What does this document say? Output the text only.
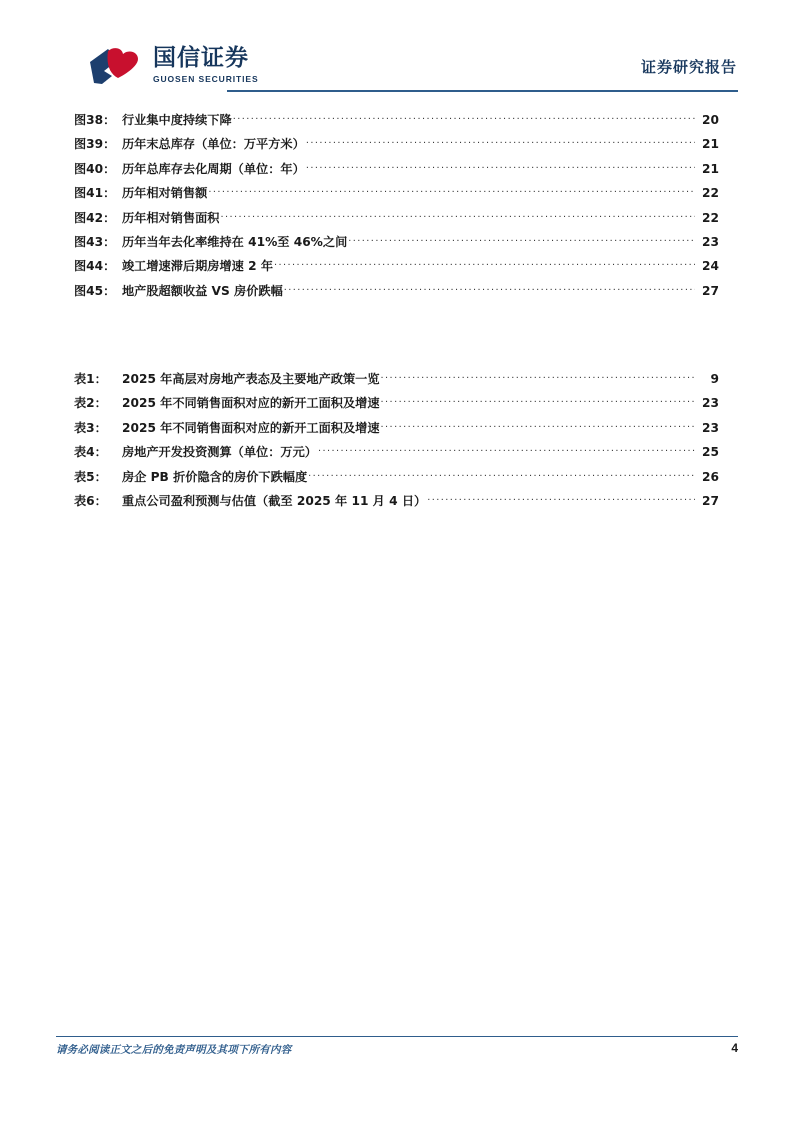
国信证券
GUOSEN SECURITIES
证券研究报告
图38： 行业集中度持续下降 .....	20
图39： 历年末总库存（单位：万平方米） .....	21
图40： 历年总库存去化周期（单位：年） .....	21
图41： 历年相对销售额 .....	22
图42： 历年相对销售面积 .....	22
图43： 历年当年去化率维持在 41%至 46%之间 .....	23
图44： 竣工增速滞后期房增速 2 年 .....	24
图45： 地产股超额收益 VS 房价跌幅 .....	27
表1：	2025 年高层对房地产表态及主要地产政策一览 .....	9
表2：	2025 年不同销售面积对应的新开工面积及增速 .....	23
表3：	2025 年不同销售面积对应的新开工面积及增速 .....	23
表4：	房地产开发投资测算（单位：万元） .....	25
表5：	房企 PB 折价隐含的房价下跌幅度 .....	26
表6：	重点公司盈利预测与估值（截至 2025 年 11 月 4 日） .....	27
请务必阅读正文之后的免责声明及其项下所有内容	4
